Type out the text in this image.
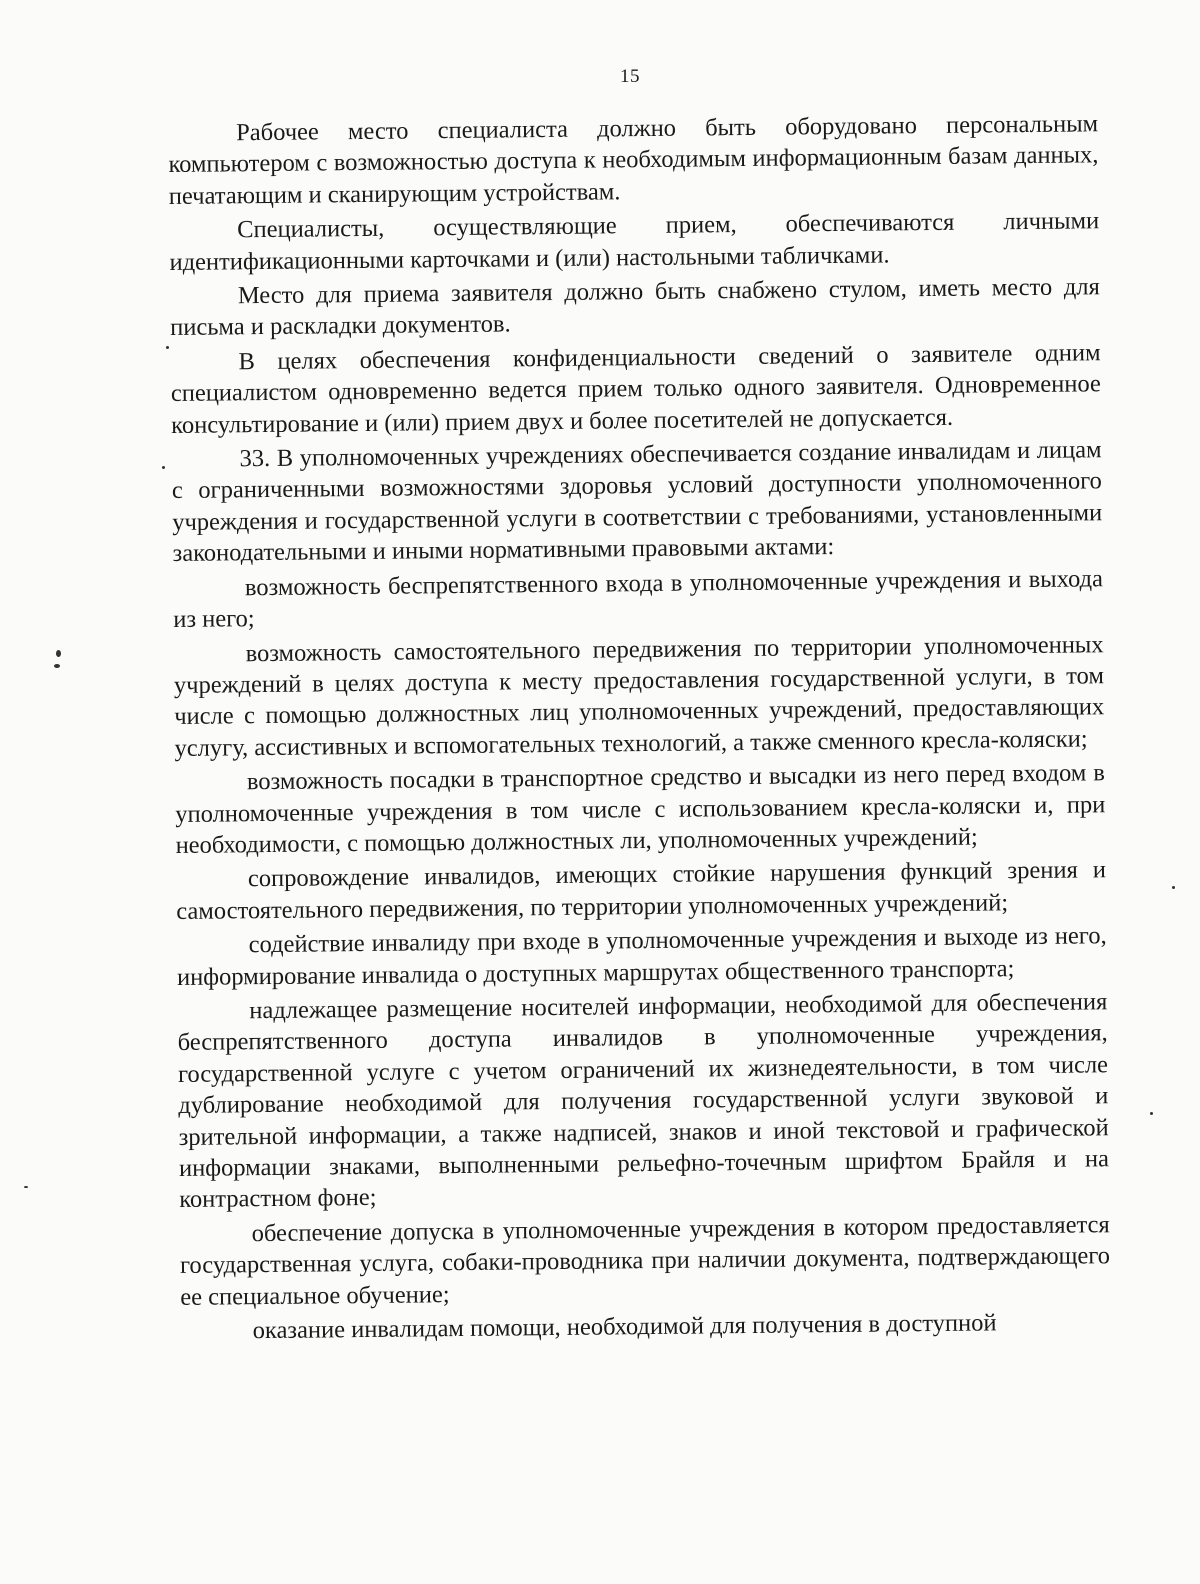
15

Рабочее место специалиста должно быть оборудовано персональным компьютером с возможностью доступа к необходимым информационным базам данных, печатающим и сканирующим устройствам.

Специалисты, осуществляющие прием, обеспечиваются личными идентификационными карточками и (или) настольными табличками.

Место для приема заявителя должно быть снабжено стулом, иметь место для письма и раскладки документов.

В целях обеспечения конфиденциальности сведений о заявителе одним специалистом одновременно ведется прием только одного заявителя. Одновременное консультирование и (или) прием двух и более посетителей не допускается.

33. В уполномоченных учреждениях обеспечивается создание инвалидам и лицам с ограниченными возможностями здоровья условий доступности уполномоченного учреждения и государственной услуги в соответствии с требованиями, установленными законодательными и иными нормативными правовыми актами:

возможность беспрепятственного входа в уполномоченные учреждения и выхода из него;

возможность самостоятельного передвижения по территории уполномоченных учреждений в целях доступа к месту предоставления государственной услуги, в том числе с помощью должностных лиц уполномоченных учреждений, предоставляющих услугу, ассистивных и вспомогательных технологий, а также сменного кресла-коляски;

возможность посадки в транспортное средство и высадки из него перед входом в уполномоченные учреждения в том числе с использованием кресла-коляски и, при необходимости, с помощью должностных ли, уполномоченных учреждений;

сопровождение инвалидов, имеющих стойкие нарушения функций зрения и самостоятельного передвижения, по территории уполномоченных учреждений;

содействие инвалиду при входе в уполномоченные учреждения и выходе из него, информирование инвалида о доступных маршрутах общественного транспорта;

надлежащее размещение носителей информации, необходимой для обеспечения беспрепятственного доступа инвалидов в уполномоченные учреждения, государственной услуге с учетом ограничений их жизнедеятельности, в том числе дублирование необходимой для получения государственной услуги звуковой и зрительной информации, а также надписей, знаков и иной текстовой и графической информации знаками, выполненными рельефно-точечным шрифтом Брайля и на контрастном фоне;

обеспечение допуска в уполномоченные учреждения в котором предоставляется государственная услуга, собаки-проводника при наличии документа, подтверждающего ее специальное обучение;

оказание инвалидам помощи, необходимой для получения в доступной
